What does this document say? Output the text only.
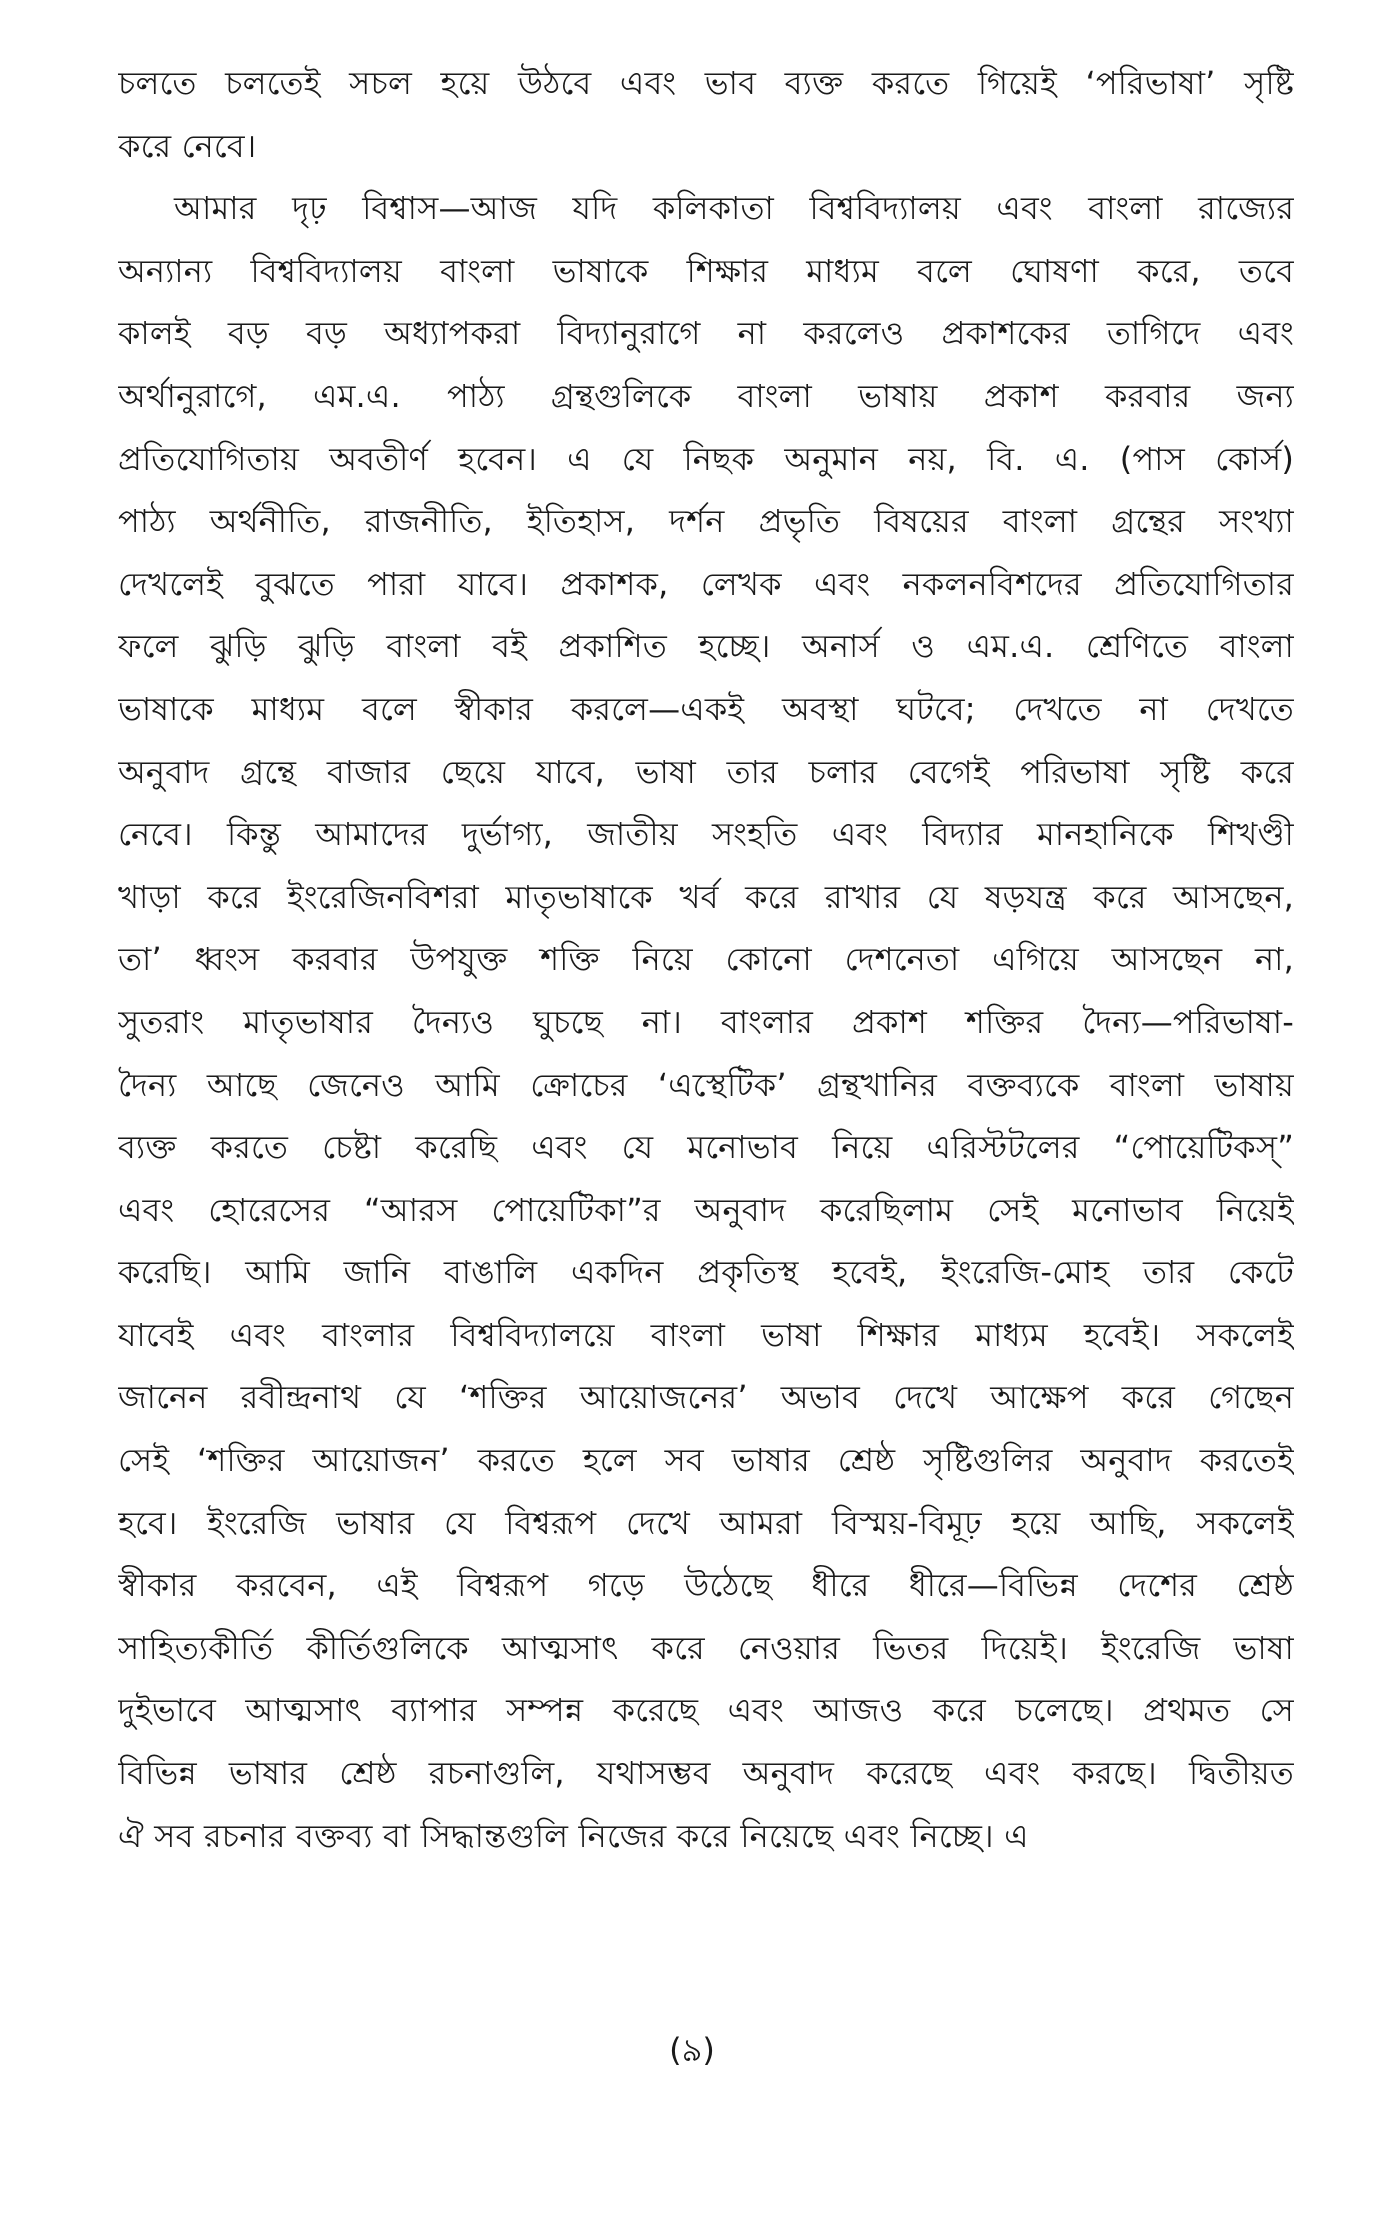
চলতে চলতেই সচল হয়ে উঠবে এবং ভাব ব্যক্ত করতে গিয়েই ‘পরিভাষা’ সৃষ্টি
করে নেবে।
আমার দৃঢ় বিশ্বাস—আজ যদি কলিকাতা বিশ্ববিদ্যালয় এবং বাংলা রাজ্যের
অন্যান্য বিশ্ববিদ্যালয় বাংলা ভাষাকে শিক্ষার মাধ্যম বলে ঘোষণা করে, তবে
কালই বড় বড় অধ্যাপকরা বিদ্যানুরাগে না করলেও প্রকাশকের তাগিদে এবং
অর্থানুরাগে, এম.এ. পাঠ্য গ্রন্থগুলিকে বাংলা ভাষায় প্রকাশ করবার জন্য
প্রতিযোগিতায় অবতীর্ণ হবেন। এ যে নিছক অনুমান নয়, বি. এ. (পাস কোর্স)
পাঠ্য অর্থনীতি, রাজনীতি, ইতিহাস, দর্শন প্রভৃতি বিষয়ের বাংলা গ্রন্থের সংখ্যা
দেখলেই বুঝতে পারা যাবে। প্রকাশক, লেখক এবং নকলনবিশদের প্রতিযোগিতার
ফলে ঝুড়ি ঝুড়ি বাংলা বই প্রকাশিত হচ্ছে। অনার্স ও এম.এ. শ্রেণিতে বাংলা
ভাষাকে মাধ্যম বলে স্বীকার করলে—একই অবস্থা ঘটবে; দেখতে না দেখতে
অনুবাদ গ্রন্থে বাজার ছেয়ে যাবে, ভাষা তার চলার বেগেই পরিভাষা সৃষ্টি করে
নেবে। কিন্তু আমাদের দুর্ভাগ্য, জাতীয় সংহতি এবং বিদ্যার মানহানিকে শিখণ্ডী
খাড়া করে ইংরেজিনবিশরা মাতৃভাষাকে খর্ব করে রাখার যে ষড়যন্ত্র করে আসছেন,
তা’ ধ্বংস করবার উপযুক্ত শক্তি নিয়ে কোনো দেশনেতা এগিয়ে আসছেন না,
সুতরাং মাতৃভাষার দৈন্যও ঘুচছে না। বাংলার প্রকাশ শক্তির দৈন্য—পরিভাষা-
দৈন্য আছে জেনেও আমি ক্রোচের ‘এস্থেটিক’ গ্রন্থখানির বক্তব্যকে বাংলা ভাষায়
ব্যক্ত করতে চেষ্টা করেছি এবং যে মনোভাব নিয়ে এরিস্টটলের “পোয়েটিকস্”
এবং হোরেসের “আরস পোয়েটিকা”র অনুবাদ করেছিলাম সেই মনোভাব নিয়েই
করেছি। আমি জানি বাঙালি একদিন প্রকৃতিস্থ হবেই, ইংরেজি-মোহ তার কেটে
যাবেই এবং বাংলার বিশ্ববিদ্যালয়ে বাংলা ভাষা শিক্ষার মাধ্যম হবেই। সকলেই
জানেন রবীন্দ্রনাথ যে ‘শক্তির আয়োজনের’ অভাব দেখে আক্ষেপ করে গেছেন
সেই ‘শক্তির আয়োজন’ করতে হলে সব ভাষার শ্রেষ্ঠ সৃষ্টিগুলির অনুবাদ করতেই
হবে। ইংরেজি ভাষার যে বিশ্বরূপ দেখে আমরা বিস্ময়-বিমূঢ় হয়ে আছি, সকলেই
স্বীকার করবেন, এই বিশ্বরূপ গড়ে উঠেছে ধীরে ধীরে—বিভিন্ন দেশের শ্রেষ্ঠ
সাহিত্যকীর্তি কীর্তিগুলিকে আত্মসাৎ করে নেওয়ার ভিতর দিয়েই। ইংরেজি ভাষা
দুইভাবে আত্মসাৎ ব্যাপার সম্পন্ন করেছে এবং আজও করে চলেছে। প্রথমত সে
বিভিন্ন ভাষার শ্রেষ্ঠ রচনাগুলি, যথাসম্ভব অনুবাদ করেছে এবং করছে। দ্বিতীয়ত
ঐ সব রচনার বক্তব্য বা সিদ্ধান্তগুলি নিজের করে নিয়েছে এবং নিচ্ছে। এ
(৯)
